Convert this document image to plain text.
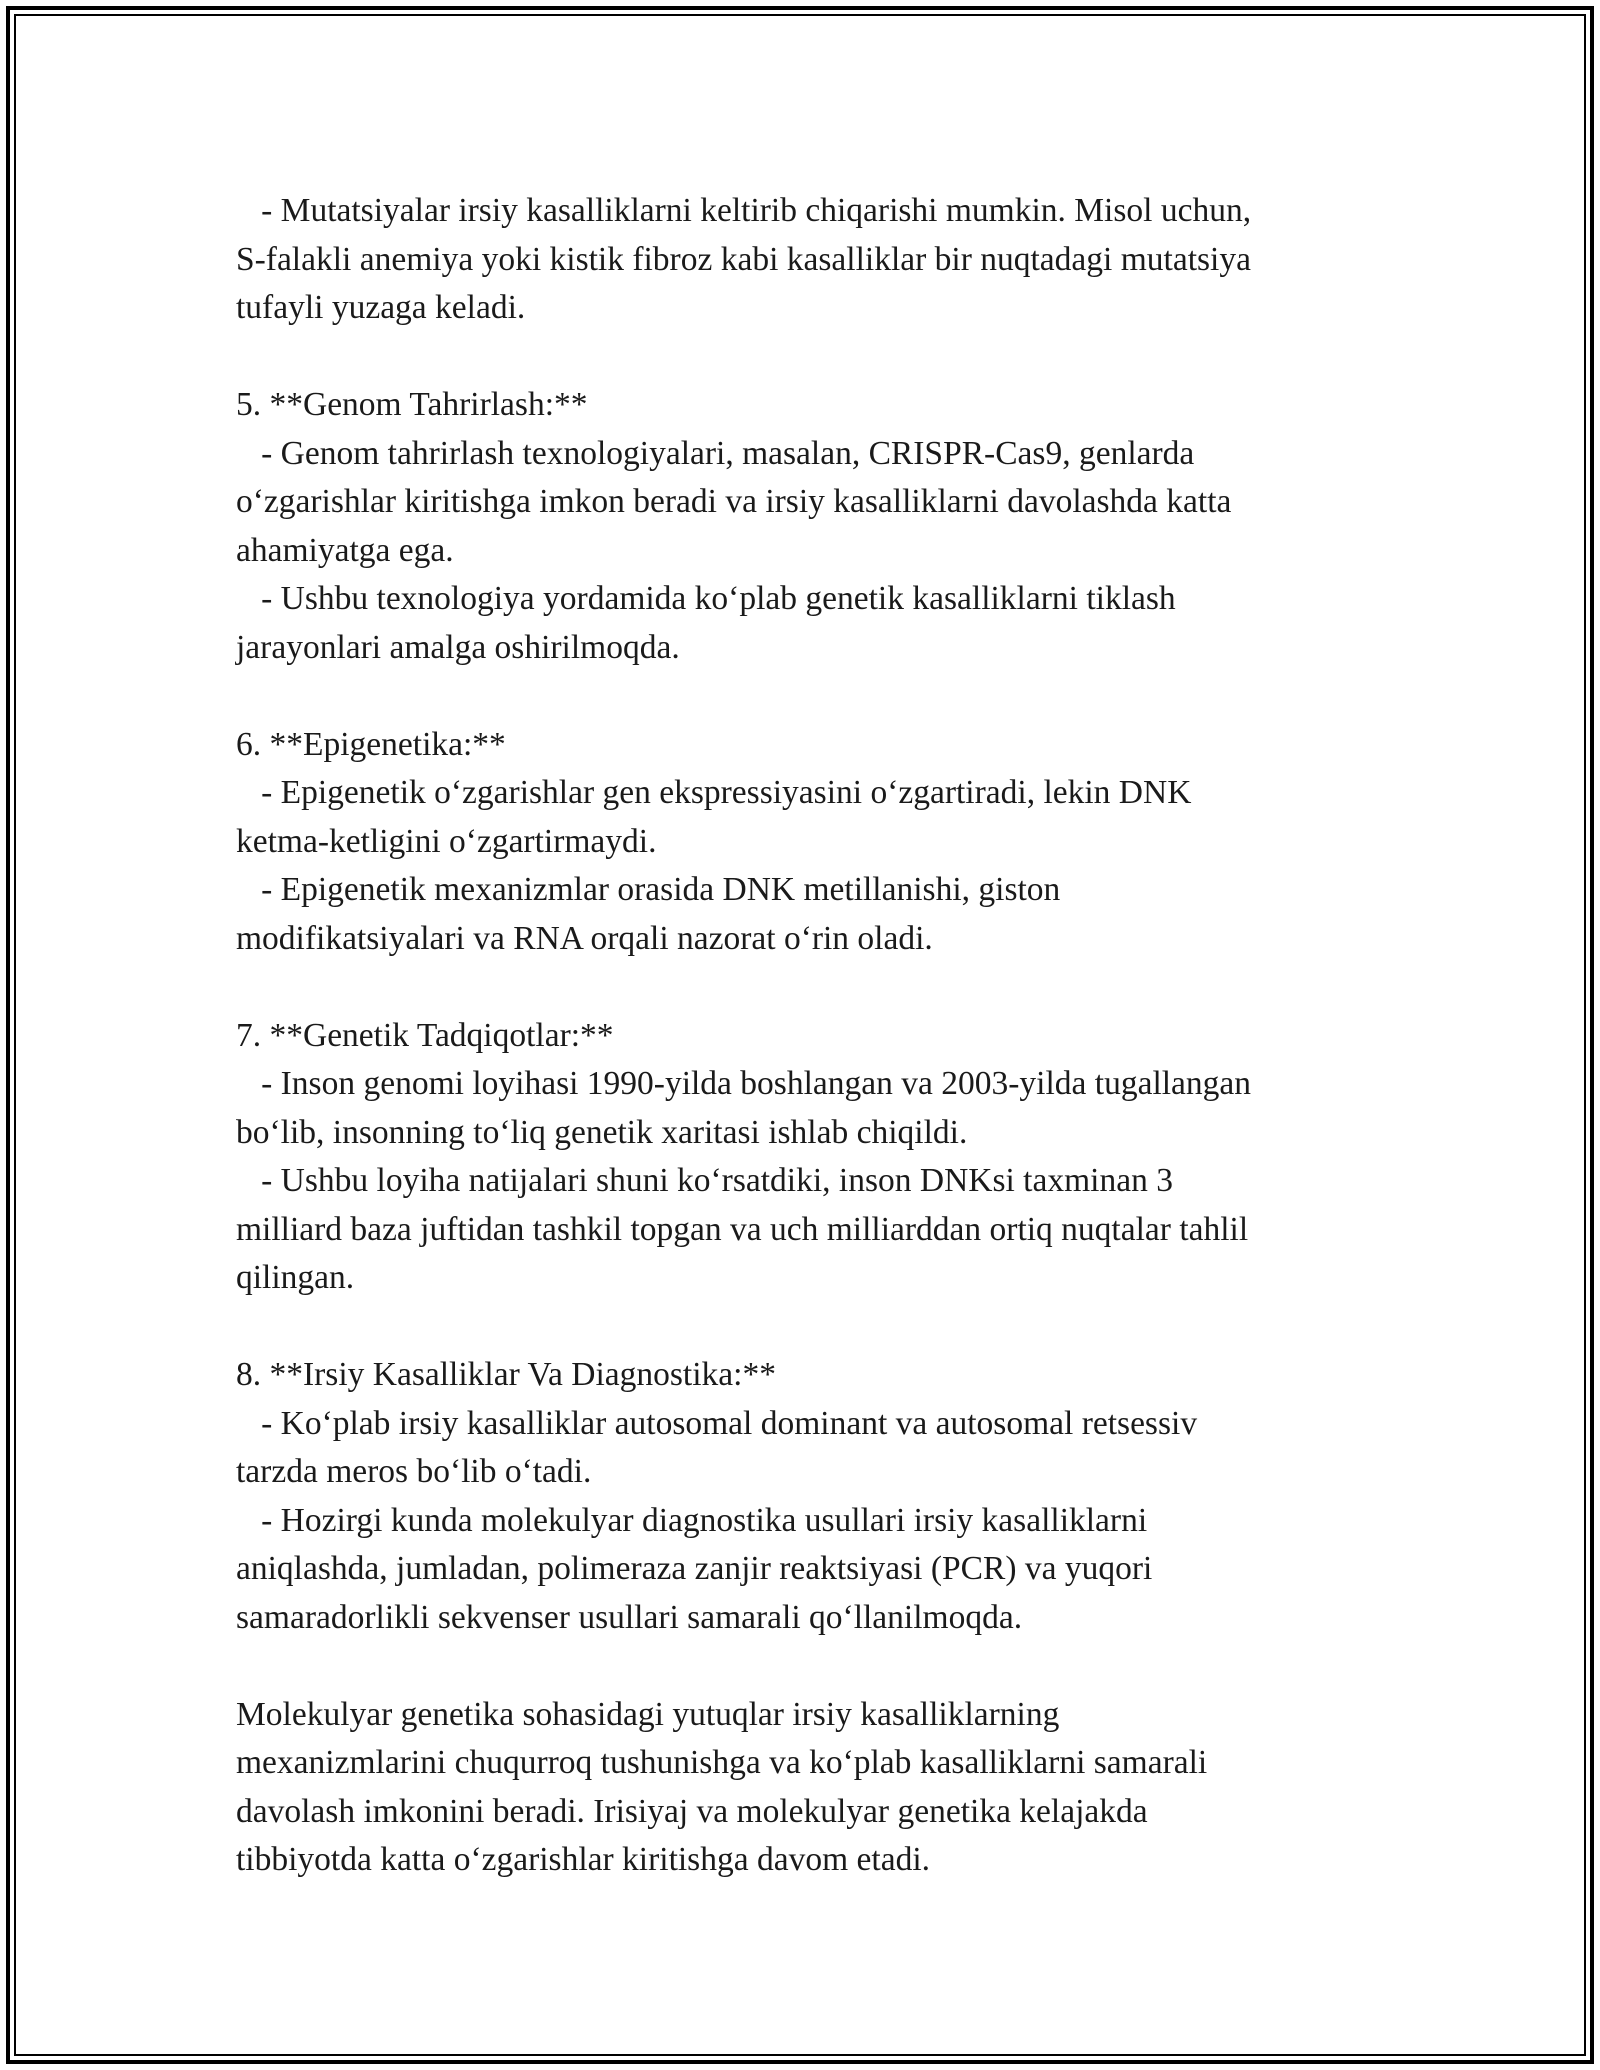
- Mutatsiyalar irsiy kasalliklarni keltirib chiqarishi mumkin. Misol uchun,

S-falakli anemiya yoki kistik fibroz kabi kasalliklar bir nuqtadagi mutatsiya

tufayli yuzaga keladi.

5. **Genom Tahrirlash:**

- Genom tahrirlash texnologiyalari, masalan, CRISPR-Cas9, genlarda

o‘zgarishlar kiritishga imkon beradi va irsiy kasalliklarni davolashda katta

ahamiyatga ega.

- Ushbu texnologiya yordamida ko‘plab genetik kasalliklarni tiklash

jarayonlari amalga oshirilmoqda.

6. **Epigenetika:**

- Epigenetik o‘zgarishlar gen ekspressiyasini o‘zgartiradi, lekin DNK

ketma-ketligini o‘zgartirmaydi.

- Epigenetik mexanizmlar orasida DNK metillanishi, giston

modifikatsiyalari va RNA orqali nazorat o‘rin oladi.

7. **Genetik Tadqiqotlar:**

- Inson genomi loyihasi 1990-yilda boshlangan va 2003-yilda tugallangan

bo‘lib, insonning to‘liq genetik xaritasi ishlab chiqildi.

- Ushbu loyiha natijalari shuni ko‘rsatdiki, inson DNKsi taxminan 3

milliard baza juftidan tashkil topgan va uch milliarddan ortiq nuqtalar tahlil

qilingan.

8. **Irsiy Kasalliklar Va Diagnostika:**

- Ko‘plab irsiy kasalliklar autosomal dominant va autosomal retsessiv

tarzda meros bo‘lib o‘tadi.

- Hozirgi kunda molekulyar diagnostika usullari irsiy kasalliklarni

aniqlashda, jumladan, polimeraza zanjir reaktsiyasi (PCR) va yuqori

samaradorlikli sekvenser usullari samarali qo‘llanilmoqda.

Molekulyar genetika sohasidagi yutuqlar irsiy kasalliklarning

mexanizmlarini chuqurroq tushunishga va ko‘plab kasalliklarni samarali

davolash imkonini beradi. Irisiyaj va molekulyar genetika kelajakda

tibbiyotda katta o‘zgarishlar kiritishga davom etadi.
